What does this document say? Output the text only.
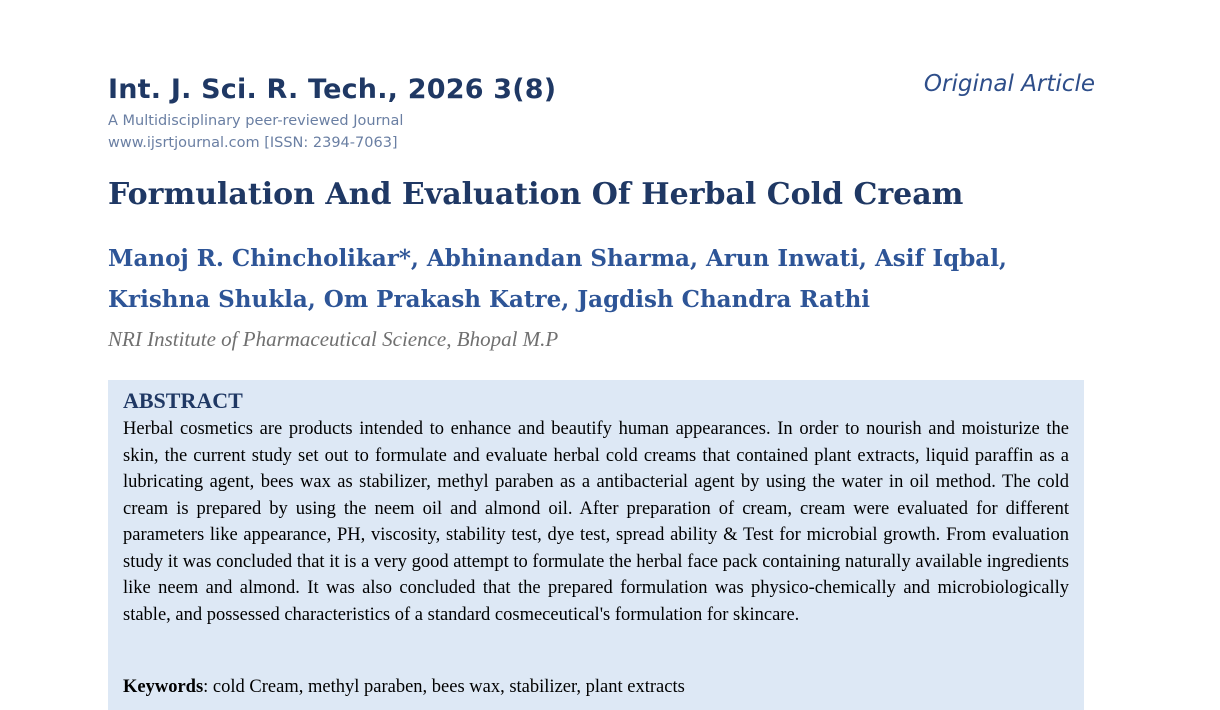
Int. J. Sci. R. Tech., 2026 3(8)
A Multidisciplinary peer-reviewed Journal
www.ijsrtjournal.com [ISSN: 2394-7063]
Original Article
Formulation And Evaluation Of Herbal Cold Cream
Manoj R. Chincholikar*, Abhinandan Sharma, Arun Inwati, Asif Iqbal, Krishna Shukla, Om Prakash Katre, Jagdish Chandra Rathi
NRI Institute of Pharmaceutical Science, Bhopal M.P
ABSTRACT

Herbal cosmetics are products intended to enhance and beautify human appearances. In order to nourish and moisturize the skin, the current study set out to formulate and evaluate herbal cold creams that contained plant extracts, liquid paraffin as a lubricating agent, bees wax as stabilizer, methyl paraben as a antibacterial agent by using the water in oil method. The cold cream is prepared by using the neem oil and almond oil. After preparation of cream, cream were evaluated for different parameters like appearance, PH, viscosity, stability test, dye test, spread ability & Test for microbial growth. From evaluation study it was concluded that it is a very good attempt to formulate the herbal face pack containing naturally available ingredients like neem and almond. It was also concluded that the prepared formulation was physico-chemically and microbiologically stable, and possessed characteristics of a standard cosmeceutical's formulation for skincare.

Keywords: cold Cream, methyl paraben, bees wax, stabilizer, plant extracts
